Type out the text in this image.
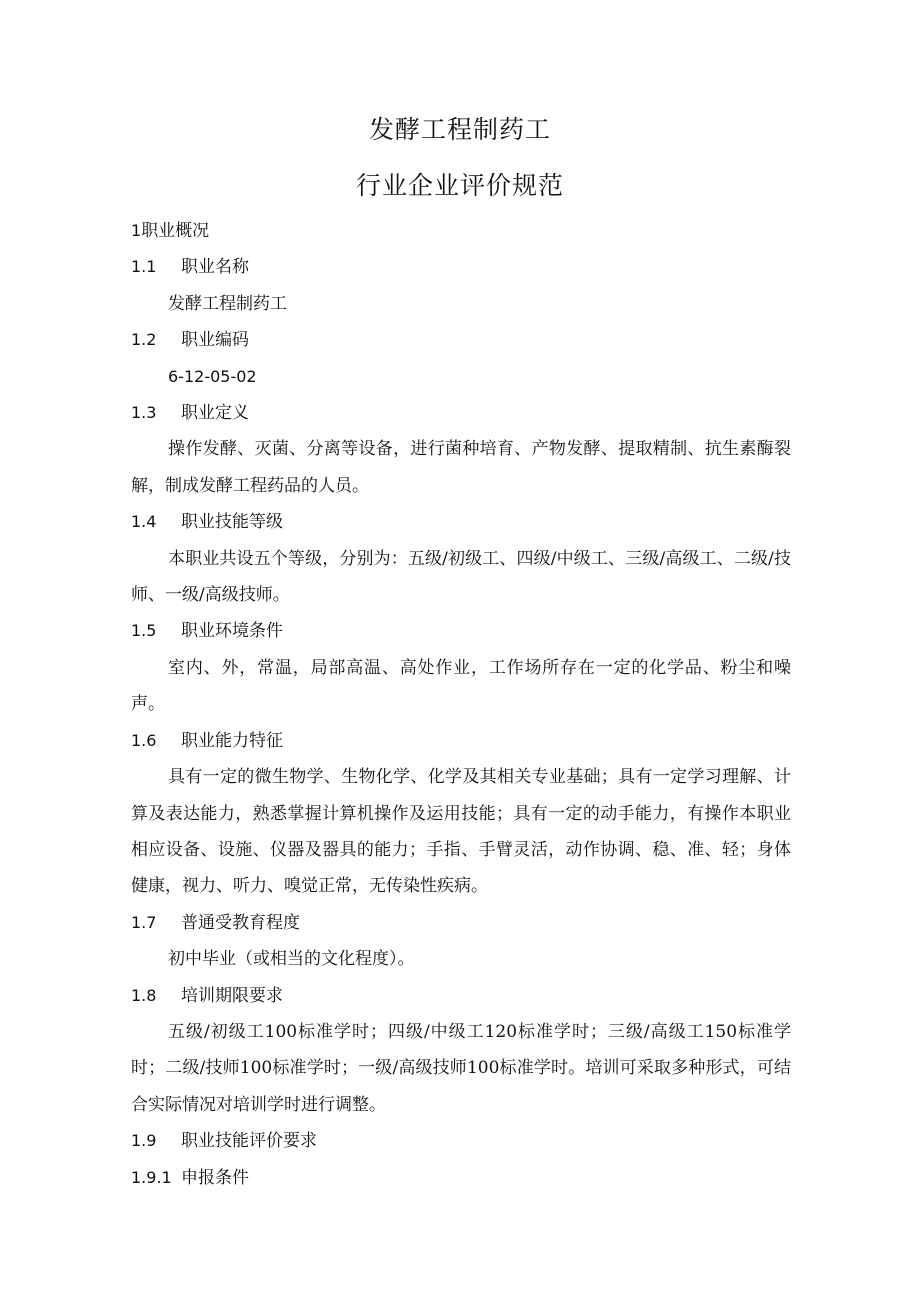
发酵工程制药工
行业企业评价规范

1职业概况

1.1 职业名称

发酵工程制药工

1.2 职业编码

6-12-05-02

1.3 职业定义

操作发酵、灭菌、分离等设备，进行菌种培育、产物发酵、提取精制、抗生素酶裂解，制成发酵工程药品的人员。

1.4 职业技能等级

本职业共设五个等级，分别为：五级/初级工、四级/中级工、三级/高级工、二级/技师、一级/高级技师。

1.5 职业环境条件

室内、外，常温，局部高温、高处作业，工作场所存在一定的化学品、粉尘和噪声。

1.6 职业能力特征

具有一定的微生物学、生物化学、化学及其相关专业基础；具有一定学习理解、计算及表达能力，熟悉掌握计算机操作及运用技能；具有一定的动手能力，有操作本职业相应设备、设施、仪器及器具的能力；手指、手臂灵活，动作协调、稳、准、轻；身体健康，视力、听力、嗅觉正常，无传染性疾病。

1.7 普通受教育程度

初中毕业（或相当的文化程度）。

1.8 培训期限要求

五级/初级工100标准学时；四级/中级工120标准学时；三级/高级工150标准学时；二级/技师100标准学时；一级/高级技师100标准学时。培训可采取多种形式，可结合实际情况对培训学时进行调整。

1.9 职业技能评价要求

1.9.1 申报条件
